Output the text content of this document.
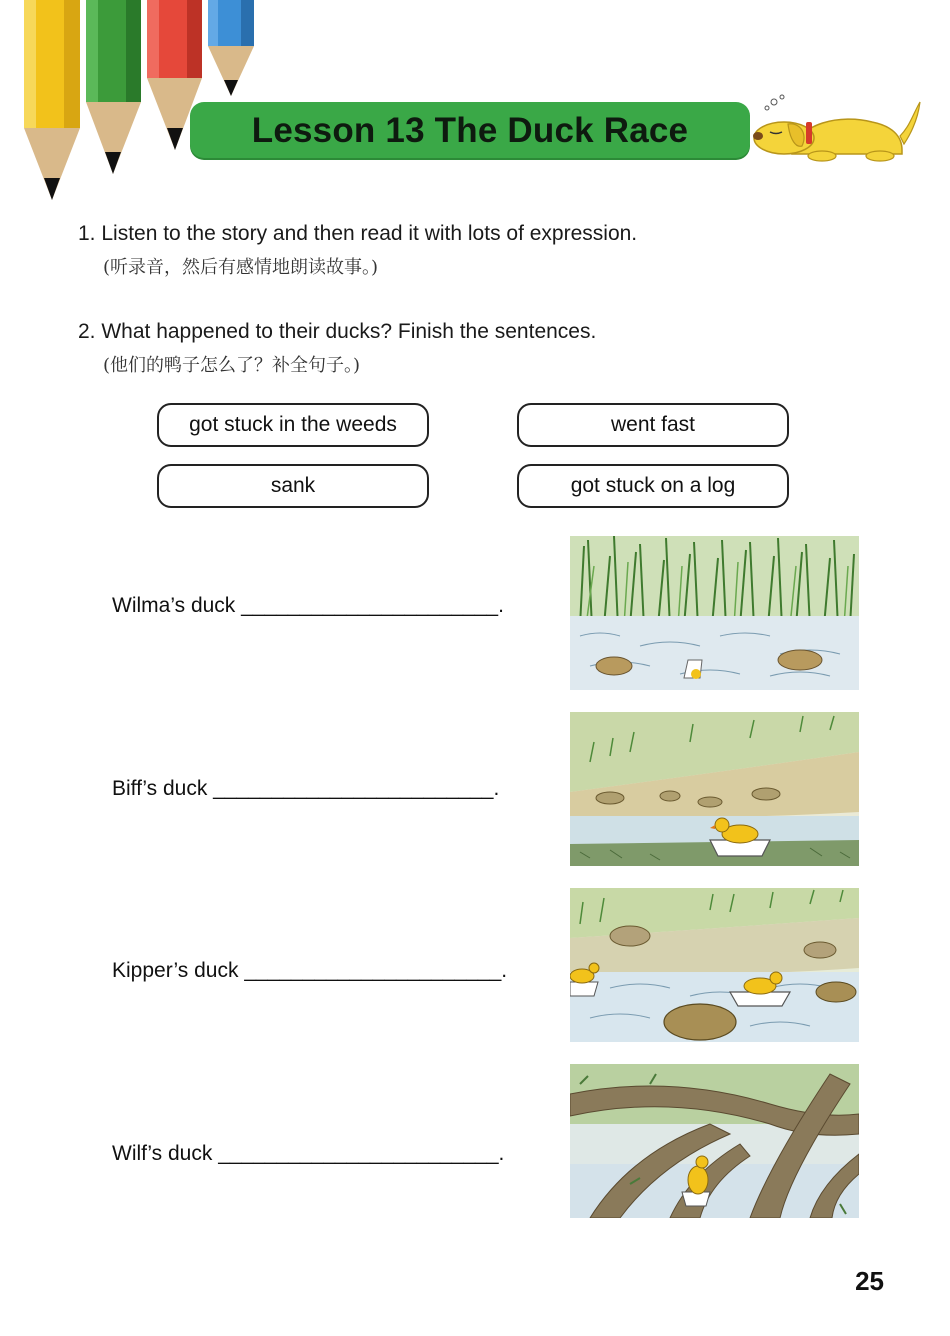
Lesson 13 The Duck Race
1. Listen to the story and then read it with lots of expression.
(听录音，然后有感情地朗读故事。)
2. What happened to their ducks? Finish the sentences.
(他们的鸭子怎么了？补全句子。)
got stuck in the weeds	went fast
sank	got stuck on a log
Wilma’s duck ______________________.
Biff’s duck ________________________.
Kipper’s duck ______________________.
Wilf’s duck ________________________.
25
